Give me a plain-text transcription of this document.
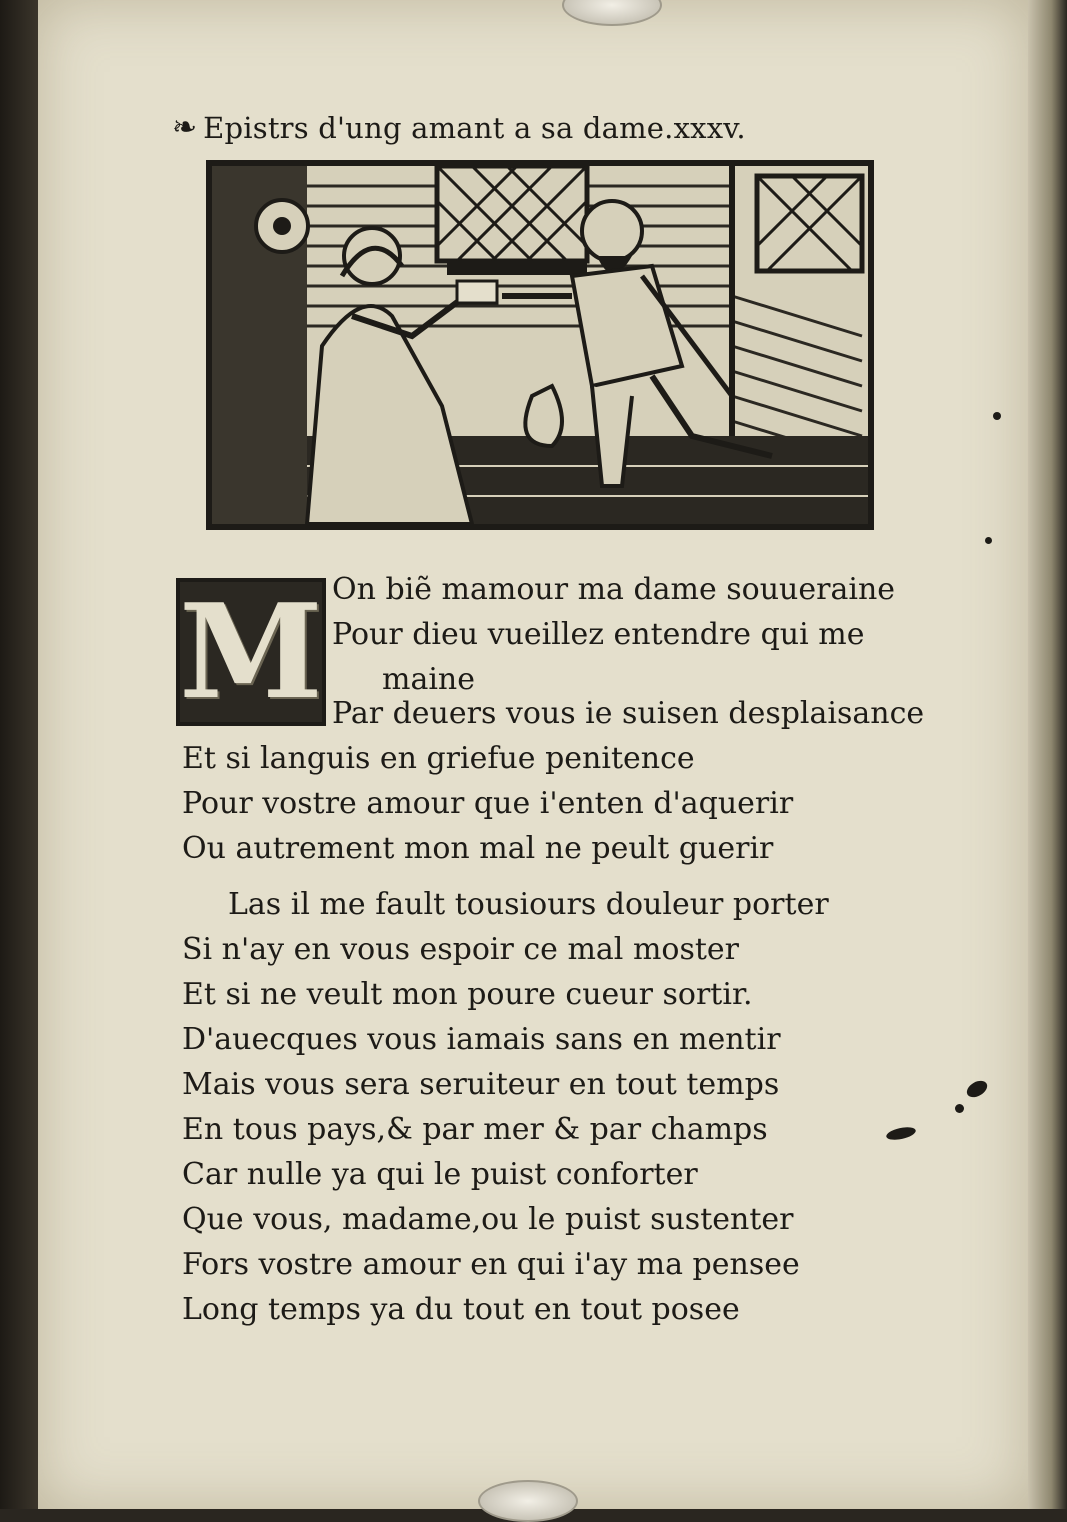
❧ Epistrs d'ung amant a sa dame.xxxv.
M On biẽ mamour ma dame souueraine
Pour dieu vueillez entendre qui me
maine

Par deuers vous ie suisen desplaisance
Et si languis en griefue penitence
Pour vostre amour que i'enten d'aquerir
Ou autrement mon mal ne peult guerir

Las il me fault tousiours douleur porter
Si n'ay en vous espoir ce mal moster
Et si ne veult mon poure cueur sortir.
D'auecques vous iamais sans en mentir
Mais vous sera seruiteur en tout temps
En tous pays,& par mer & par champs
Car nulle ya qui le puist conforter
Que vous, madame,ou le puist sustenter
Fors vostre amour en qui i'ay ma pensee
Long temps ya du tout en tout posee
